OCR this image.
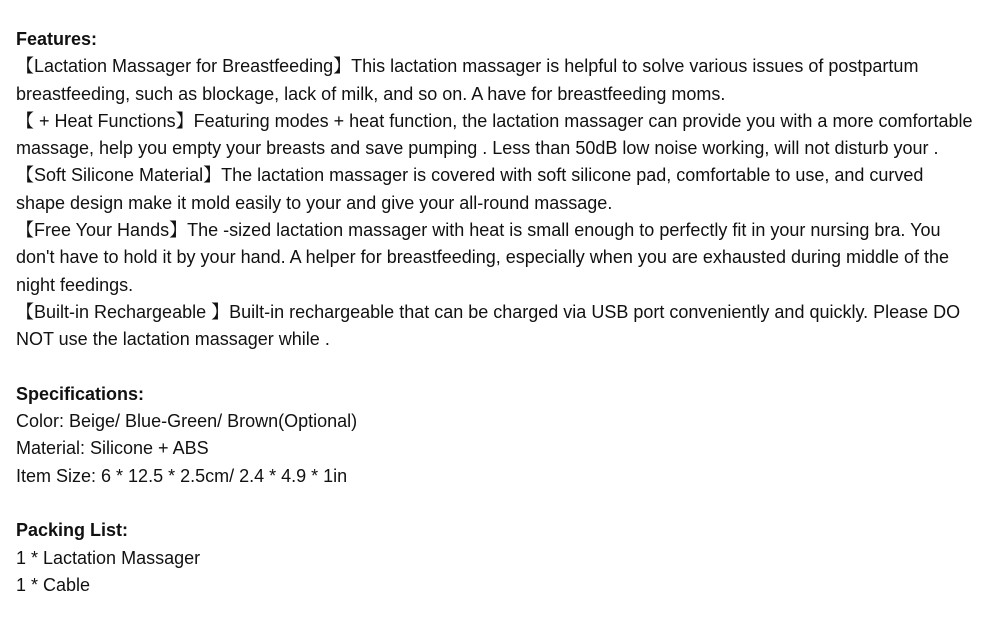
Features:
【Lactation Massager for Breastfeeding】This lactation massager is helpful to solve various issues of postpartum
breastfeeding, such as blockage, lack of milk, and so on. A have for breastfeeding moms.
【 + Heat Functions】Featuring modes + heat function, the lactation massager can provide you with a more comfortable
massage, help you empty your breasts and save pumping . Less than 50dB low noise working, will not disturb your .
【Soft Silicone Material】The lactation massager is covered with soft silicone pad, comfortable to use, and curved
shape design make it mold easily to your and give your all-round massage.
【Free Your Hands】The -sized lactation massager with heat is small enough to perfectly fit in your nursing bra. You
don't have to hold it by your hand. A helper for breastfeeding, especially when you are exhausted during middle of the
night feedings.
【Built-in Rechargeable 】Built-in rechargeable that can be charged via USB port conveniently and quickly. Please DO
NOT use the lactation massager while .
Specifications:
Color: Beige/ Blue-Green/ Brown(Optional)
Material: Silicone + ABS
Item Size: 6 * 12.5 * 2.5cm/ 2.4 * 4.9 * 1in
Packing List:
1 * Lactation Massager
1 * Cable
